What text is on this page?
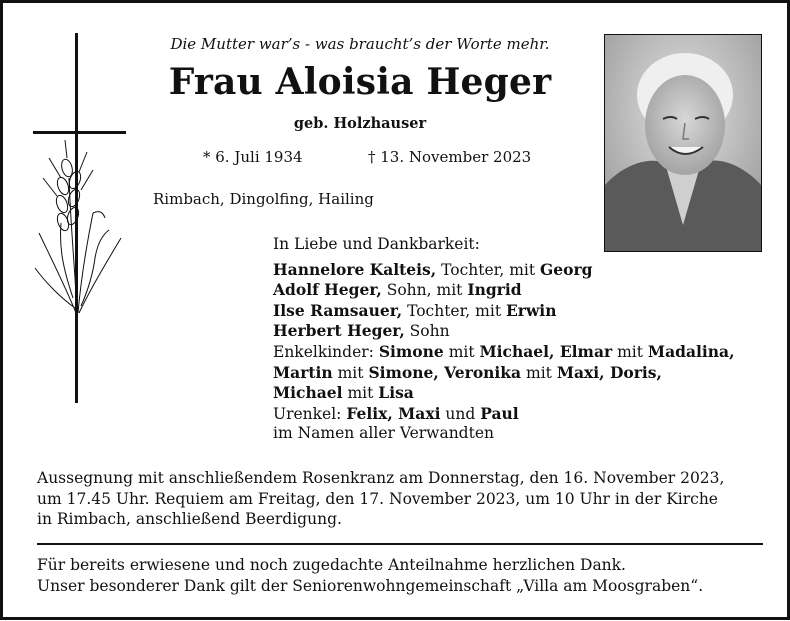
Die Mutter war’s - was braucht’s der Worte mehr.
Frau Aloisia Heger
geb. Holzhauser
* 6. Juli 1934	† 13. November 2023
Rimbach, Dingolfing, Hailing
In Liebe und Dankbarkeit:
Hannelore Kalteis, Tochter, mit Georg
Adolf Heger, Sohn, mit Ingrid
Ilse Ramsauer, Tochter, mit Erwin
Herbert Heger, Sohn
Enkelkinder: Simone mit Michael, Elmar mit Madalina,
Martin mit Simone, Veronika mit Maxi, Doris,
Michael mit Lisa
Urenkel: Felix, Maxi und Paul
im Namen aller Verwandten
Aussegnung mit anschließendem Rosenkranz am Donnerstag, den 16. November 2023,
um 17.45 Uhr. Requiem am Freitag, den 17. November 2023, um 10 Uhr in der Kirche
in Rimbach, anschließend Beerdigung.
Für bereits erwiesene und noch zugedachte Anteilnahme herzlichen Dank.
Unser besonderer Dank gilt der Seniorenwohngemeinschaft „Villa am Moosgraben“.
